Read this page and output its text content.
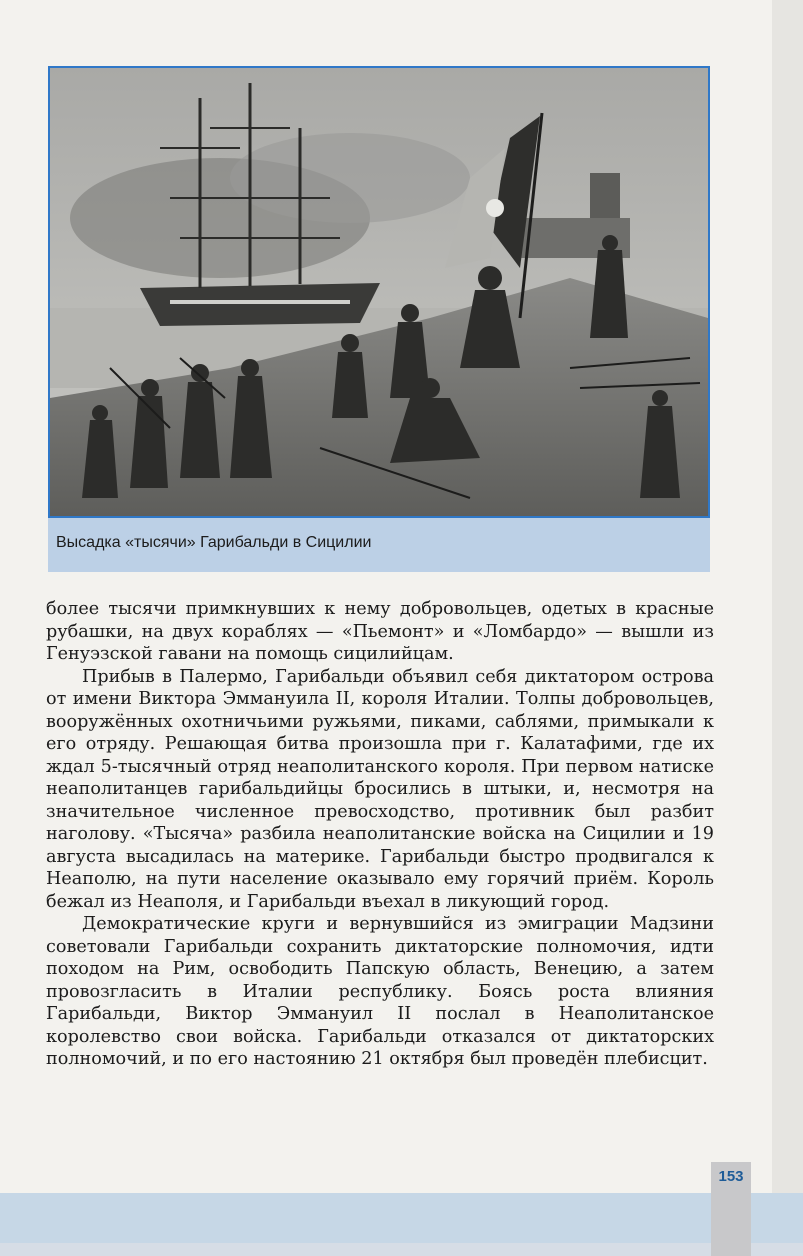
153
Высадка «тысячи» Гарибальди в Сицилии

более тысячи примкнувших к нему добровольцев, одетых в красные рубашки, на двух кораблях — «Пьемонт» и «Ломбардо» — вышли из Генуэзской гавани на помощь сицилийцам.

Прибыв в Палермо, Гарибальди объявил себя диктатором острова от имени Виктора Эммануила II, короля Италии. Толпы добровольцев, вооружённых охотничьими ружьями, пиками, саблями, примыкали к его отряду. Решающая битва произошла при г. Калатафими, где их ждал 5-тысячный отряд неаполитанского короля. При первом натиске неаполитанцев гарибальдийцы бросились в штыки, и, несмотря на значительное численное превосходство, противник был разбит наголову. «Тысяча» разбила неаполитанские войска на Сицилии и 19 августа высадилась на материке. Гарибальди быстро продвигался к Неаполю, на пути население оказывало ему горячий приём. Король бежал из Неаполя, и Гарибальди въехал в ликующий город.

Демократические круги и вернувшийся из эмиграции Мадзини советовали Гарибальди сохранить диктаторские полномочия, идти походом на Рим, освободить Папскую область, Венецию, а затем провозгласить в Италии республику. Боясь роста влияния Гарибальди, Виктор Эммануил II послал в Неаполитанское королевство свои войска. Гарибальди отказался от диктаторских полномочий, и по его настоянию 21 октября был проведён плебисцит.
